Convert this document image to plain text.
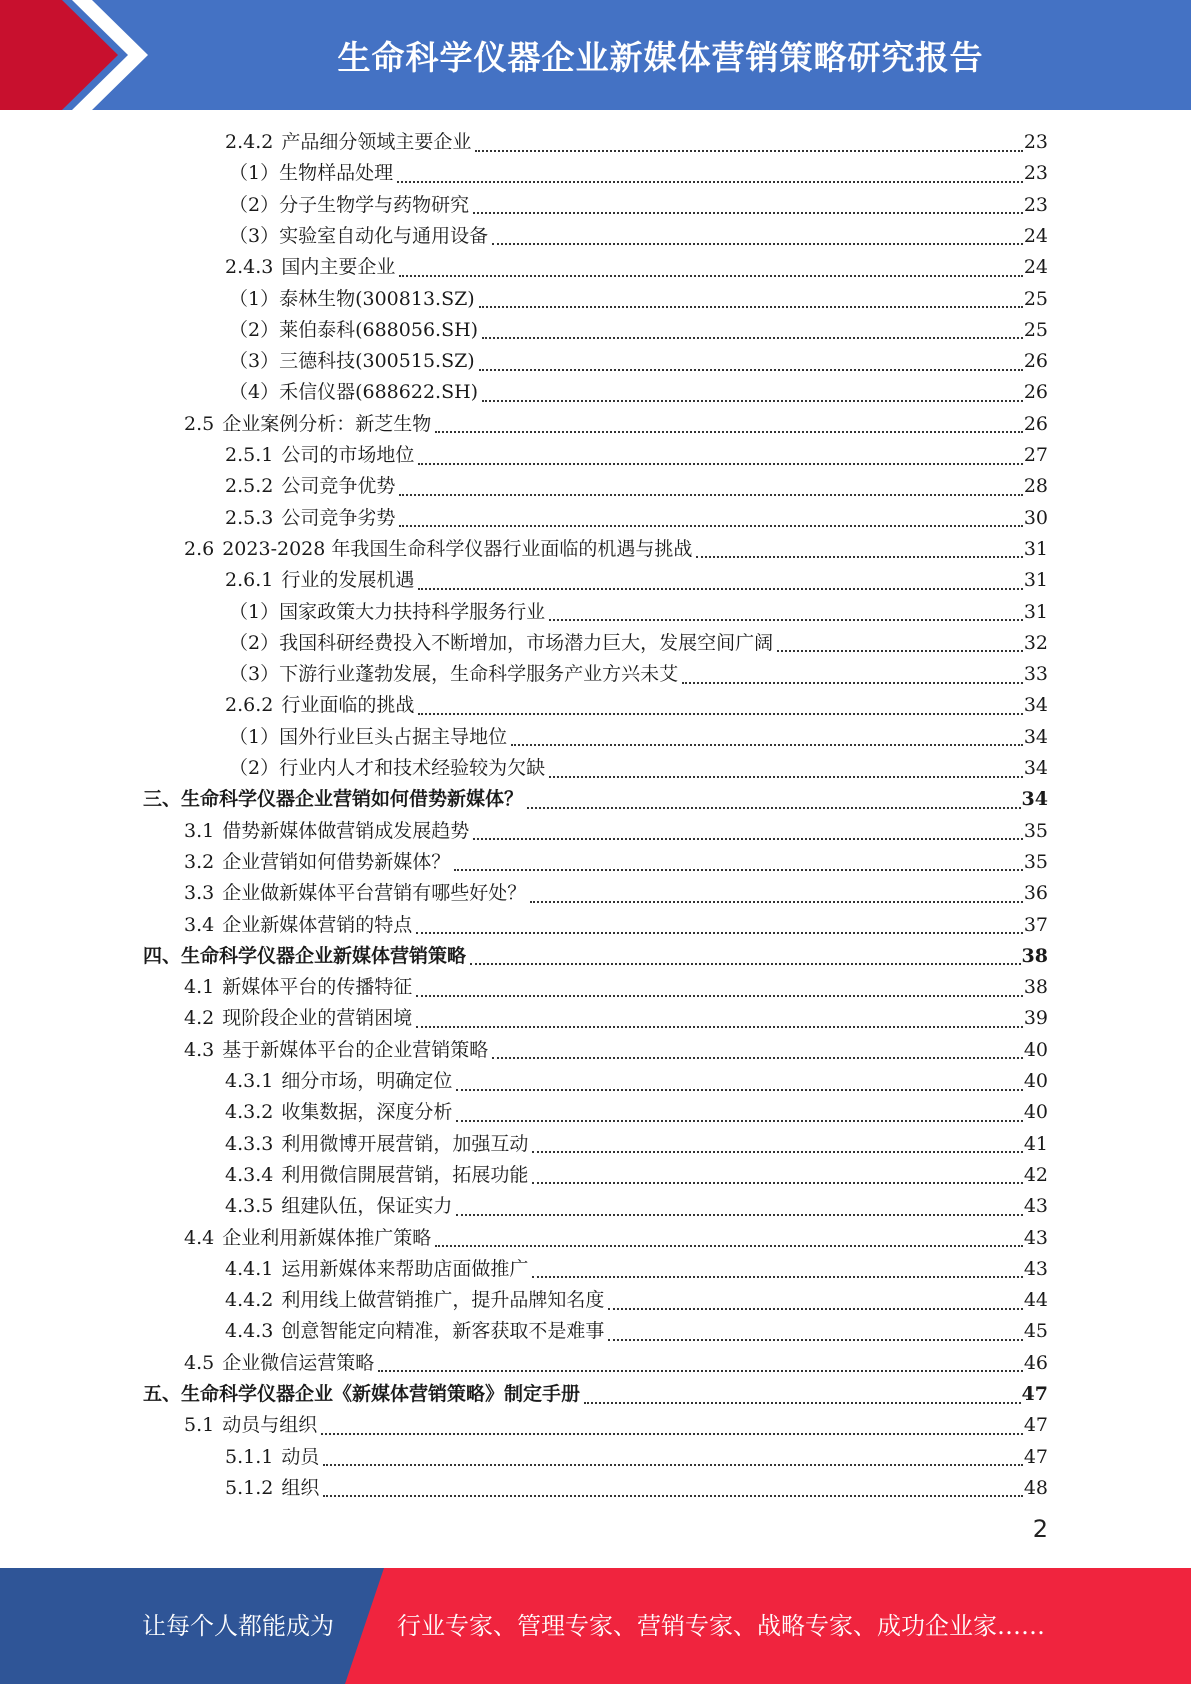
生命科学仪器企业新媒体营销策略研究报告
2.4.2 产品细分领域主要企业	23
（1） 生物样品处理	23
（2） 分子生物学与药物研究	23
（3） 实验室自动化与通用设备	24
2.4.3 国内主要企业	24
（1） 泰林生物(300813.SZ)	25
（2） 莱伯泰科(688056.SH)	25
（3） 三德科技(300515.SZ)	26
（4） 禾信仪器(688622.SH)	26
2.5 企业案例分析：新芝生物	26
2.5.1 公司的市场地位	27
2.5.2 公司竞争优势	28
2.5.3 公司竞争劣势	30
2.6 2023-2028 年我国生命科学仪器行业面临的机遇与挑战	31
2.6.1 行业的发展机遇	31
（1） 国家政策大力扶持科学服务行业	31
（2） 我国科研经费投入不断增加，市场潜力巨大，发展空间广阔	32
（3） 下游行业蓬勃发展，生命科学服务产业方兴未艾	33
2.6.2 行业面临的挑战	34
（1） 国外行业巨头占据主导地位	34
（2） 行业内人才和技术经验较为欠缺	34
三、 生命科学仪器企业营销如何借势新媒体？	34
3.1 借势新媒体做营销成发展趋势	35
3.2 企业营销如何借势新媒体？	35
3.3 企业做新媒体平台营销有哪些好处？	36
3.4 企业新媒体营销的特点	37
四、 生命科学仪器企业新媒体营销策略	38
4.1 新媒体平台的传播特征	38
4.2 现阶段企业的营销困境	39
4.3 基于新媒体平台的企业营销策略	40
4.3.1 细分市场，明确定位	40
4.3.2 收集数据，深度分析	40
4.3.3 利用微博开展营销，加强互动	41
4.3.4 利用微信開展营销，拓展功能	42
4.3.5 组建队伍，保证实力	43
4.4 企业利用新媒体推广策略	43
4.4.1 运用新媒体来帮助店面做推广	43
4.4.2 利用线上做营销推广，提升品牌知名度	44
4.4.3 创意智能定向精准，新客获取不是难事	45
4.5 企业微信运营策略	46
五、 生命科学仪器企业《新媒体营销策略》制定手册	47
5.1 动员与组织	47
5.1.1 动员	47
5.1.2 组织	48
2
让每个人都能成为	行业专家、管理专家、营销专家、战略专家、成功企业家……
